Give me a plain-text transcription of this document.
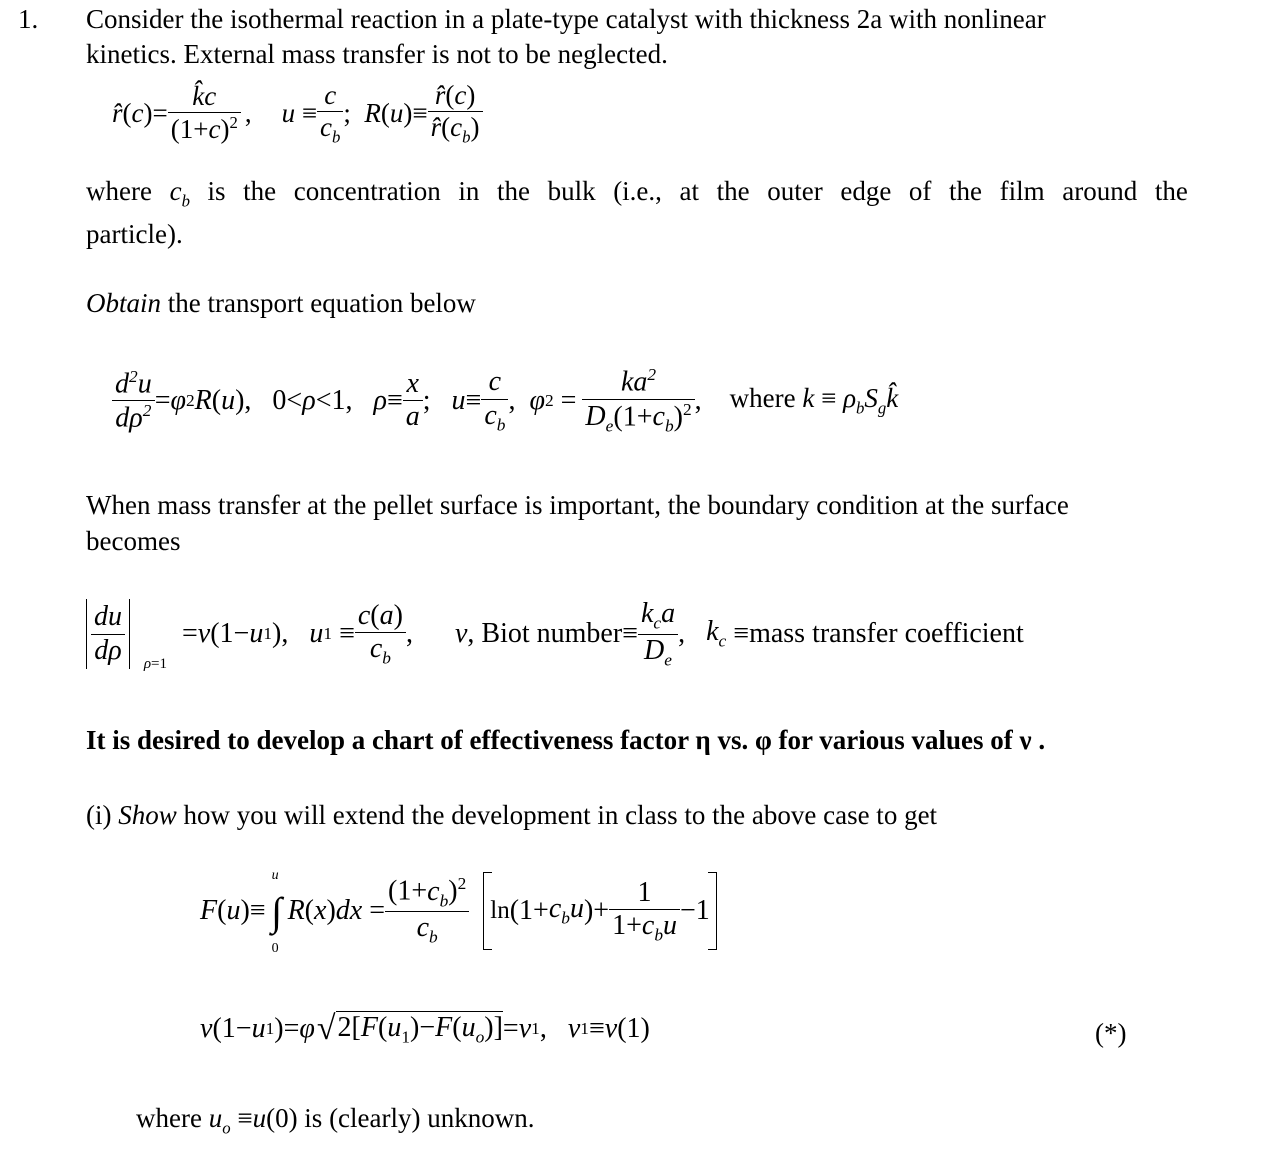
1. Consider the isothermal reaction in a plate-type catalyst with thickness 2a with nonlinear
kinetics. External mass transfer is not to be neglected.
r̂ ( c ) = $\frac{k̂c}{(1+c)^2}$ , $u \equiv \frac{c}{c_b}$ ; R ( u )≡ $\frac{r̂(c)}{r̂(c_b)}$
where $c_b$ is the concentration in the bulk (i.e., at the outer edge of the film around the
particle).
Obtain the transport equation below
$\frac{d^2u}{d\rho^2} = \varphi$ 2 R ( u ),   0< ρ <1, $\rho \equiv \frac{x}{a}$ ; $u \equiv \frac{c}{c_b}$ , φ $2 = \frac{ka^2}{D_e(1+c_b)^2}$ , where $k \equiv \rho_bS_gk̂$
When mass transfer at the pellet surface is important, the boundary condition at the surface
becomes
$\frac{du}{d\rho} \rho=1$
= ν (1− u 1 ), u $1 \equiv \frac{c(a)}{c_b}$ , ν , Biot number ≡ $\frac{k_ca}{D_e}$ , $k_c$ ≡ mass transfer coefficient
It is desired to develop a chart of effectiveness factor η vs. φ for various values of ν .
(i) Show how you will extend the development in class to the above case to get
F ( u )≡ ∫
u
0
R ( x ) dx = $\frac{(1+c_b)^2}{c_b}$ $\ln (1+ c_bu$ )+ $\frac{1}{1+c_bu} -1$
ν (1− u 1 )= φ √ $2[F(u_1)-F(u_o)] = \nu$ 1 , ν 1 ≡ ν (1)	(*)
where $u_o \equiv u(0)$ is (clearly) unknown.
